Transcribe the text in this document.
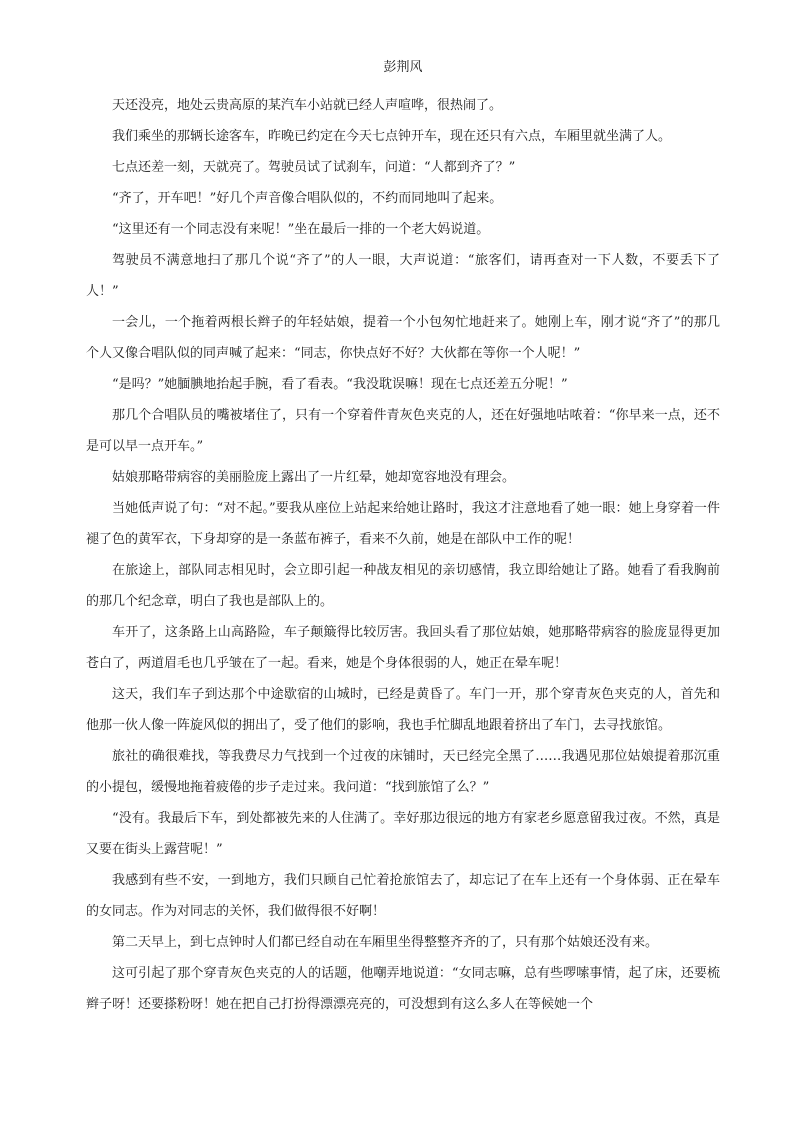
彭荆风

天还没亮，地处云贵高原的某汽车小站就已经人声喧哗，很热闹了。

我们乘坐的那辆长途客车，昨晚已约定在今天七点钟开车，现在还只有六点，车厢里就坐满了人。

七点还差一刻，天就亮了。驾驶员试了试刹车，问道：“人都到齐了？”

“齐了，开车吧！”好几个声音像合唱队似的，不约而同地叫了起来。

“这里还有一个同志没有来呢！”坐在最后一排的一个老大妈说道。

驾驶员不满意地扫了那几个说“齐了”的人一眼，大声说道：“旅客们，请再查对一下人数，不要丢下了人！”

一会儿，一个拖着两根长辫子的年轻姑娘，提着一个小包匆忙地赶来了。她刚上车，刚才说“齐了”的那几个人又像合唱队似的同声喊了起来：“同志，你快点好不好？大伙都在等你一个人呢！”

“是吗？”她腼腆地抬起手腕，看了看表。“我没耽误嘛！现在七点还差五分呢！”

那几个合唱队员的嘴被堵住了，只有一个穿着件青灰色夹克的人，还在好强地咕哝着：“你早来一点，还不是可以早一点开车。”

姑娘那略带病容的美丽脸庞上露出了一片红晕，她却宽容地没有理会。

当她低声说了句：“对不起。”要我从座位上站起来给她让路时，我这才注意地看了她一眼：她上身穿着一件褪了色的黄军衣，下身却穿的是一条蓝布裤子，看来不久前，她是在部队中工作的呢！

在旅途上，部队同志相见时，会立即引起一种战友相见的亲切感情，我立即给她让了路。她看了看我胸前的那几个纪念章，明白了我也是部队上的。

车开了，这条路上山高路险，车子颠簸得比较厉害。我回头看了那位姑娘，她那略带病容的脸庞显得更加苍白了，两道眉毛也几乎皱在了一起。看来，她是个身体很弱的人，她正在晕车呢！

这天，我们车子到达那个中途歇宿的山城时，已经是黄昏了。车门一开，那个穿青灰色夹克的人，首先和他那一伙人像一阵旋风似的拥出了，受了他们的影响，我也手忙脚乱地跟着挤出了车门，去寻找旅馆。

旅社的确很难找，等我费尽力气找到一个过夜的床铺时，天已经完全黑了……我遇见那位姑娘提着那沉重的小提包，缓慢地拖着疲倦的步子走过来。我问道：“找到旅馆了么？”

“没有。我最后下车，到处都被先来的人住满了。幸好那边很远的地方有家老乡愿意留我过夜。不然，真是又要在街头上露营呢！”

我感到有些不安，一到地方，我们只顾自己忙着抢旅馆去了，却忘记了在车上还有一个身体弱、正在晕车的女同志。作为对同志的关怀，我们做得很不好啊！

第二天早上，到七点钟时人们都已经自动在车厢里坐得整整齐齐的了，只有那个姑娘还没有来。

这可引起了那个穿青灰色夹克的人的话题，他嘲弄地说道：“女同志嘛，总有些啰嗦事情，起了床，还要梳辫子呀！还要搽粉呀！她在把自己打扮得漂漂亮亮的，可没想到有这么多人在等候她一个
